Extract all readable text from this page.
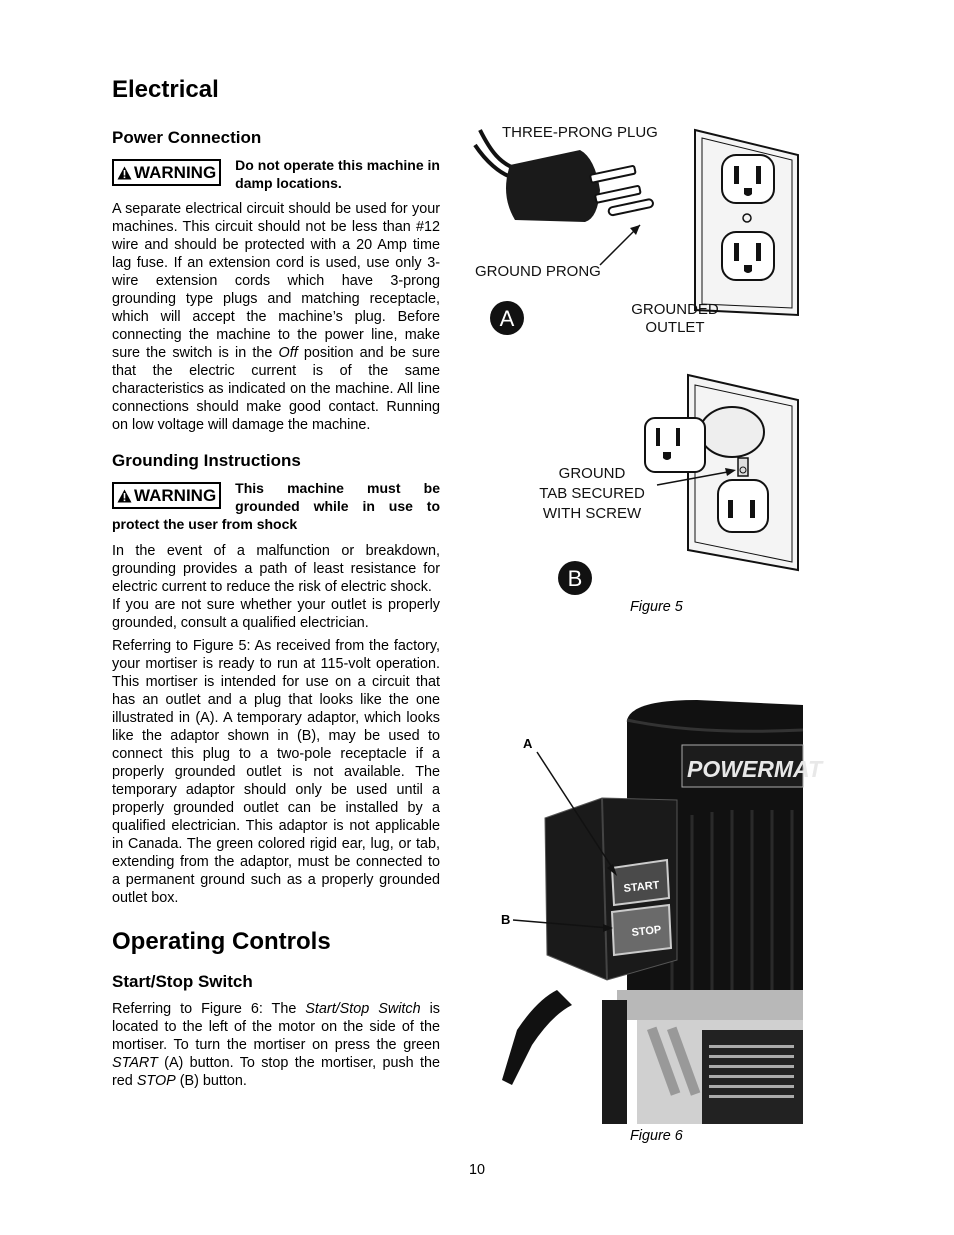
Electrical
Power Connection
WARNING Do not operate this machine in damp locations.

A separate electrical circuit should be used for your machines. This circuit should not be less than #12 wire and should be protected with a 20 Amp time lag fuse. If an extension cord is used, use only 3-wire extension cords which have 3-prong grounding type plugs and matching receptacle, which will accept the machine’s plug. Before connecting the machine to the power line, make sure the switch is in the Off position and be sure that the electric current is of the same characteristics as indicated on the machine. All line connections should make good contact. Running on low voltage will damage the machine.

Grounding Instructions
WARNING This machine must be grounded while in use to protect the user from shock

In the event of a malfunction or breakdown, grounding provides a path of least resistance for electric current to reduce the risk of electric shock.

If you are not sure whether your outlet is properly grounded, consult a qualified electrician.

Referring to Figure 5: As received from the factory, your mortiser is ready to run at 115-volt operation. This mortiser is intended for use on a circuit that has an outlet and a plug that looks like the one illustrated in (A). A temporary adaptor, which looks like the adaptor shown in (B), may be used to connect this plug to a two-pole receptacle if a properly grounded outlet is not available. The temporary adaptor should only be used until a properly grounded outlet can be installed by a qualified electrician. This adaptor is not applicable in Canada. The green colored rigid ear, lug, or tab, extending from the adaptor, must be connected to a permanent ground such as a properly grounded outlet box.

Operating Controls
Start/Stop Switch

Referring to Figure 6: The Start/Stop Switch is located to the left of the motor on the side of the mortiser. To turn the mortiser on press the green START (A) button. To stop the mortiser, push the red STOP (B) button.

A
B
THREE-PRONG PLUG
GROUND PRONG
GROUNDED
OUTLET
GROUND
TAB SECURED
WITH SCREW
Figure 5
POWERMAT
START
STOP
A
B
Figure 6
10
